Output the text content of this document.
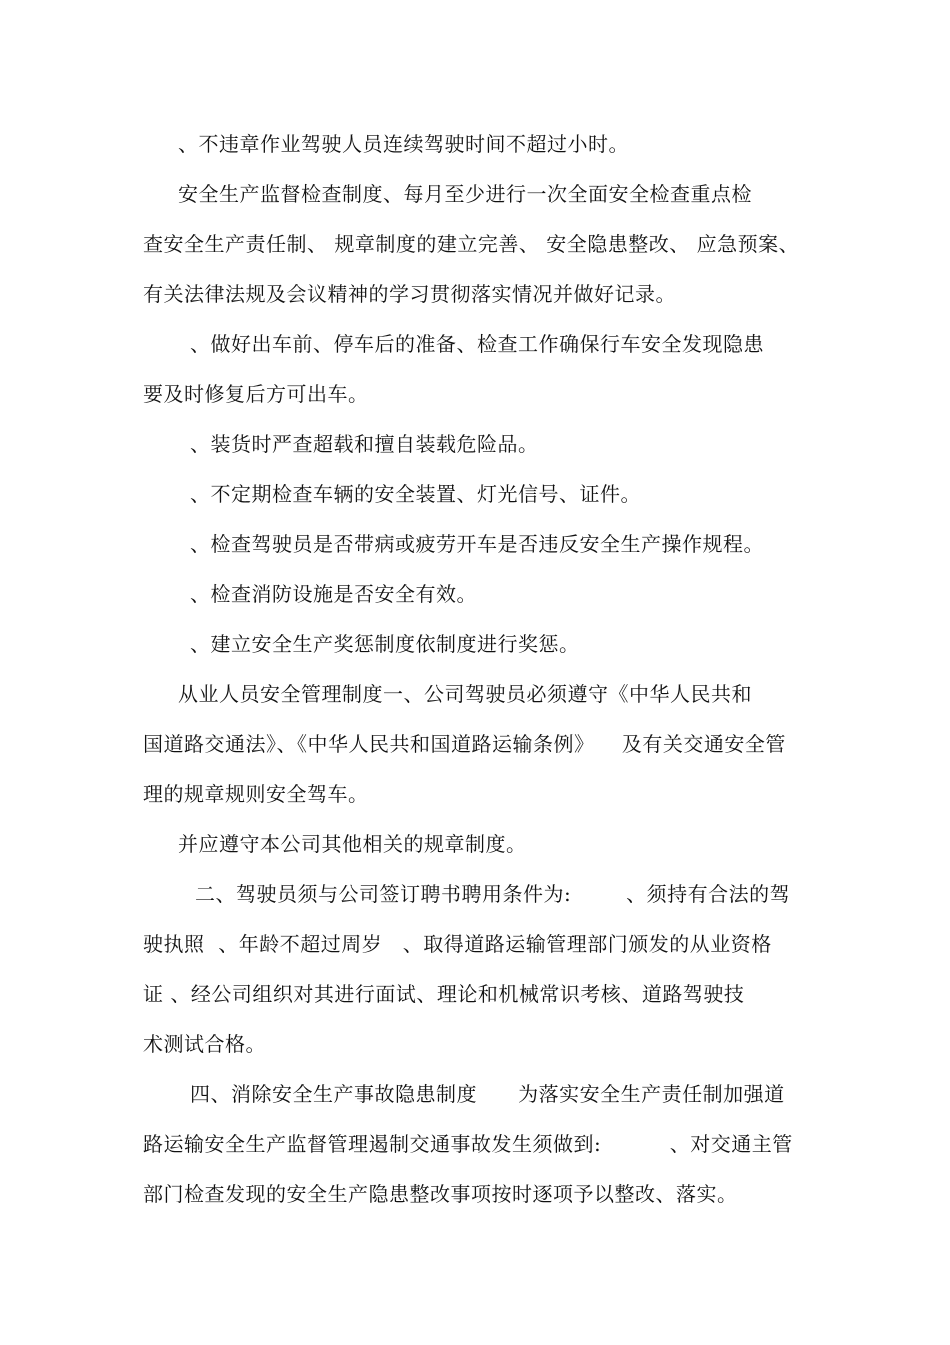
、不违章作业驾驶人员连续驾驶时间不超过小时。

安全生产监督检查制度、每月至少进行一次全面安全检查重点检

查安全生产责任制、 规章制度的建立完善、 安全隐患整改、 应急预案、

有关法律法规及会议精神的学习贯彻落实情况并做好记录。

、做好出车前、停车后的准备、检查工作确保行车安全发现隐患

要及时修复后方可出车。

、装货时严查超载和擅自装载危险品。

、不定期检查车辆的安全装置、灯光信号、证件。

、检查驾驶员是否带病或疲劳开车是否违反安全生产操作规程。

、检查消防设施是否安全有效。

、建立安全生产奖惩制度依制度进行奖惩。

从业人员安全管理制度一、公司驾驶员必须遵守《中华人民共和

国道路交通法》、《中华人民共和国道路运输条例》    及有关交通安全管

理的规章规则安全驾车。

并应遵守本公司其他相关的规章制度。

二、驾驶员须与公司签订聘书聘用条件为:        、须持有合法的驾

驶执照  、年龄不超过周岁   、取得道路运输管理部门颁发的从业资格

证 、经公司组织对其进行面试、理论和机械常识考核、道路驾驶技

术测试合格。

四、消除安全生产事故隐患制度      为落实安全生产责任制加强道

路运输安全生产监督管理遏制交通事故发生须做到:          、对交通主管

部门检查发现的安全生产隐患整改事项按时逐项予以整改、落实。
